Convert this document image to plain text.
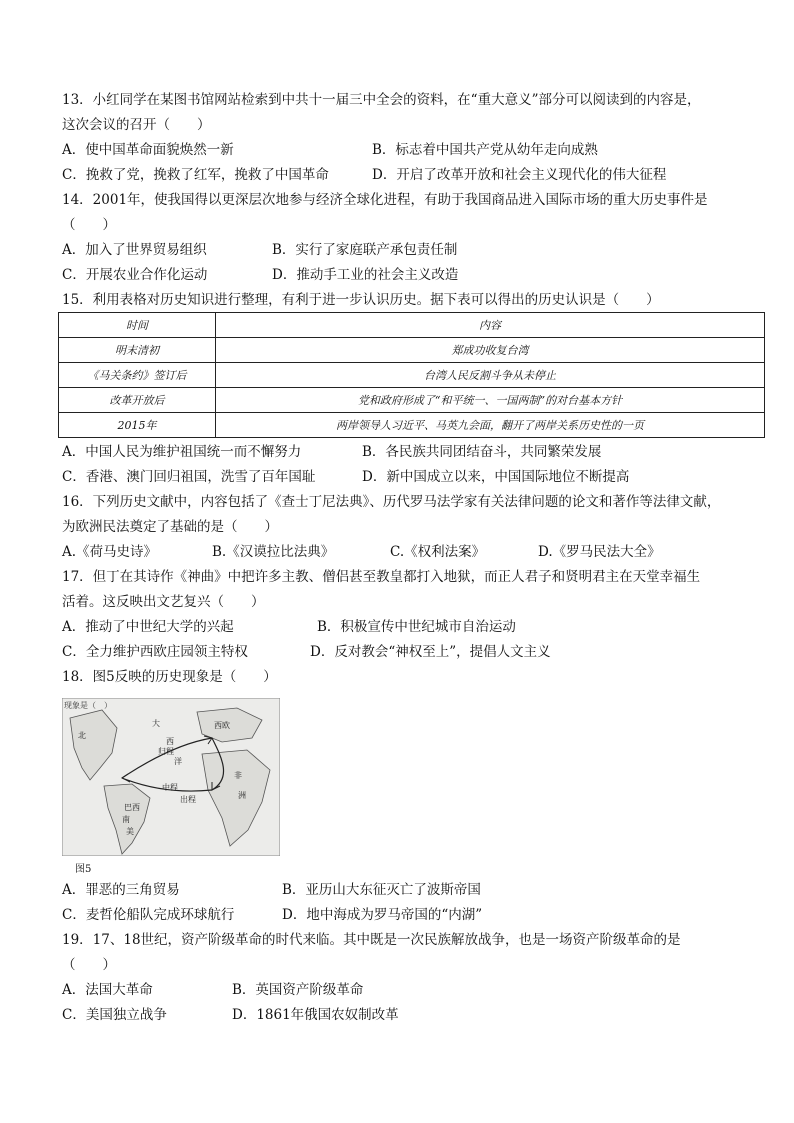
13．小红同学在某图书馆网站检索到中共十一届三中全会的资料，在“重大意义”部分可以阅读到的内容是，
这次会议的召开（　　）
A．使中国革命面貌焕然一新	B．标志着中国共产党从幼年走向成熟
C．挽救了党，挽救了红军，挽救了中国革命	D．开启了改革开放和社会主义现代化的伟大征程
14．2001年，使我国得以更深层次地参与经济全球化进程，有助于我国商品进入国际市场的重大历史事件是
（　　）
A．加入了世界贸易组织	B．实行了家庭联产承包责任制
C．开展农业合作化运动	D．推动手工业的社会主义改造
15．利用表格对历史知识进行整理，有利于进一步认识历史。据下表可以得出的历史认识是（　　）
时间	内容
明末清初	郑成功收复台湾
《马关条约》签订后	台湾人民反割斗争从未停止
改革开放后	党和政府形成了“和平统一、一国两制”的对台基本方针
2015年	两岸领导人习近平、马英九会面，翻开了两岸关系历史性的一页
A．中国人民为维护祖国统一而不懈努力	B．各民族共同团结奋斗，共同繁荣发展
C．香港、澳门回归祖国，洗雪了百年国耻	D．新中国成立以来，中国国际地位不断提高
16．下列历史文献中，内容包括了《查士丁尼法典》、历代罗马法学家有关法律问题的论文和著作等法律文献，
为欧洲民法奠定了基础的是（　　）
A.《荷马史诗》	B.《汉谟拉比法典》	C.《权利法案》	D.《罗马民法大全》
17．但丁在其诗作《神曲》中把许多主教、僧侣甚至教皇都打入地狱，而正人君子和贤明君主在天堂幸福生
活着。这反映出文艺复兴（　　）
A．推动了中世纪大学的兴起	B．积极宣传中世纪城市自治运动
C．全力维护西欧庄园领主特权	D．反对教会“神权至上”，提倡人文主义
18．图5反映的历史现象是（　　）
现象是（　）
北
大
西
洋
归程
中程
出程
西欧
非
洲
巴西
南
美
图5
A．罪恶的三角贸易	B．亚历山大东征灭亡了波斯帝国
C．麦哲伦船队完成环球航行	D．地中海成为罗马帝国的“内湖”
19．17、18世纪，资产阶级革命的时代来临。其中既是一次民族解放战争，也是一场资产阶级革命的是
（　　）
A．法国大革命	B．英国资产阶级革命
C．美国独立战争	D．1861年俄国农奴制改革
